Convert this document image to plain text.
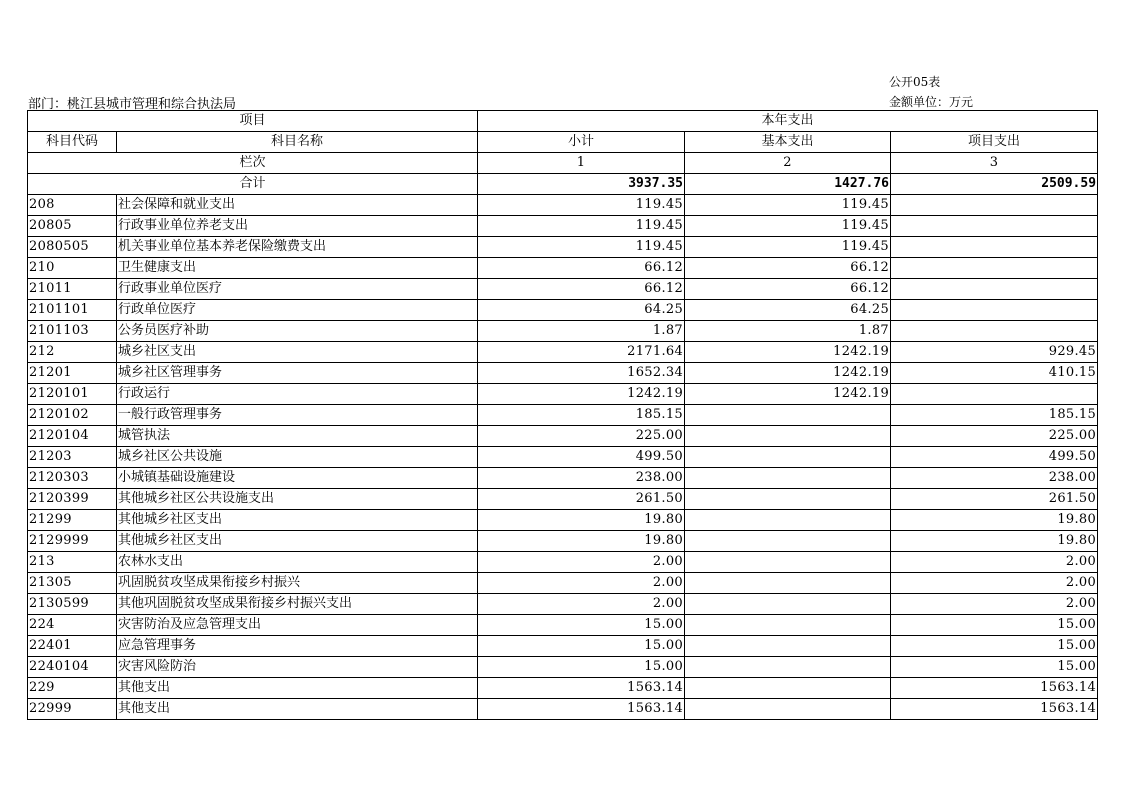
公开05表
部门：桃江县城市管理和综合执法局	金额单位：万元
项目		本年支出		
科目代码	科目名称	小计	基本支出	项目支出
栏次		1	2	3
合计		3937.35	1427.76	2509.59
208	社会保障和就业支出	119.45	119.45	
20805	行政事业单位养老支出	119.45	119.45	
2080505	机关事业单位基本养老保险缴费支出	119.45	119.45	
210	卫生健康支出	66.12	66.12	
21011	行政事业单位医疗	66.12	66.12	
2101101	行政单位医疗	64.25	64.25	
2101103	公务员医疗补助	1.87	1.87	
212	城乡社区支出	2171.64	1242.19	929.45
21201	城乡社区管理事务	1652.34	1242.19	410.15
2120101	行政运行	1242.19	1242.19	
2120102	一般行政管理事务	185.15		185.15
2120104	城管执法	225.00		225.00
21203	城乡社区公共设施	499.50		499.50
2120303	小城镇基础设施建设	238.00		238.00
2120399	其他城乡社区公共设施支出	261.50		261.50
21299	其他城乡社区支出	19.80		19.80
2129999	其他城乡社区支出	19.80		19.80
213	农林水支出	2.00		2.00
21305	巩固脱贫攻坚成果衔接乡村振兴	2.00		2.00
2130599	其他巩固脱贫攻坚成果衔接乡村振兴支出	2.00		2.00
224	灾害防治及应急管理支出	15.00		15.00
22401	应急管理事务	15.00		15.00
2240104	灾害风险防治	15.00		15.00
229	其他支出	1563.14		1563.14
22999	其他支出	1563.14		1563.14
